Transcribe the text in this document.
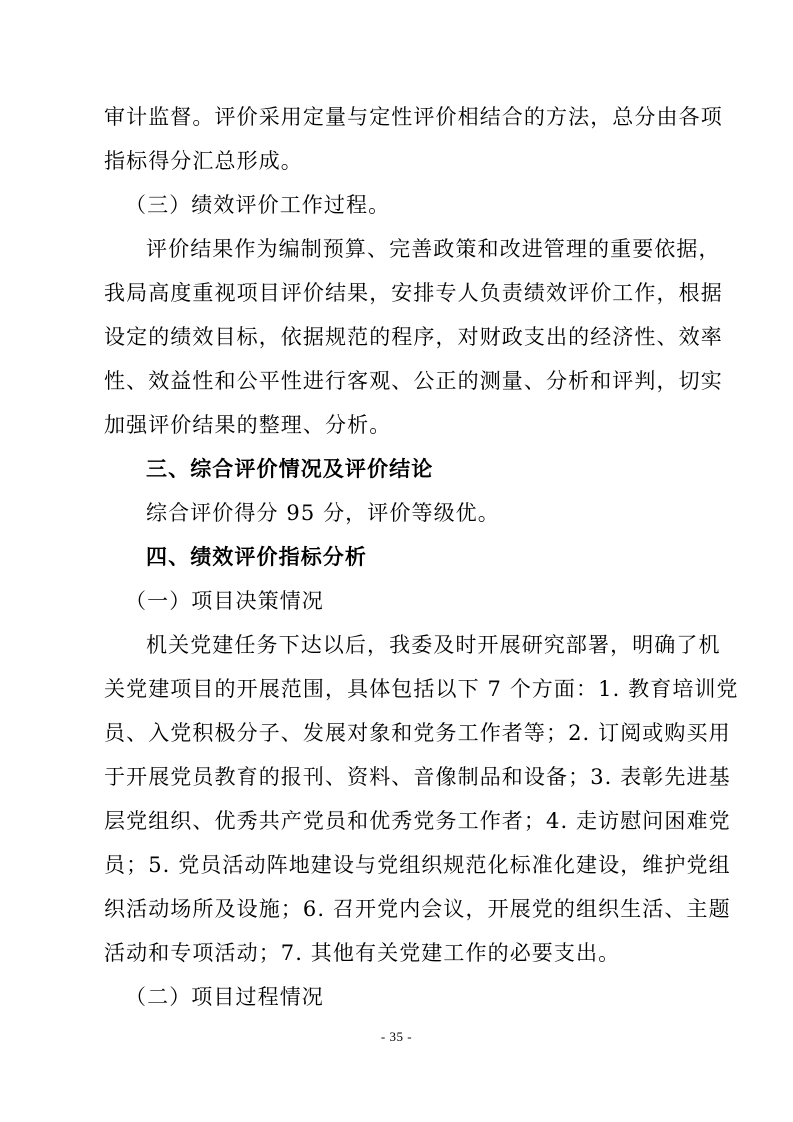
审计监督。评价采用定量与定性评价相结合的方法，总分由各项
指标得分汇总形成。
（三）绩效评价工作过程。
评价结果作为编制预算、完善政策和改进管理的重要依据，
我局高度重视项目评价结果，安排专人负责绩效评价工作，根据
设定的绩效目标，依据规范的程序，对财政支出的经济性、效率
性、效益性和公平性进行客观、公正的测量、分析和评判，切实
加强评价结果的整理、分析。
三、综合评价情况及评价结论
综合评价得分 95 分，评价等级优。
四、绩效评价指标分析
（一）项目决策情况
机关党建任务下达以后，我委及时开展研究部署，明确了机
关党建项目的开展范围，具体包括以下 7 个方面：1. 教育培训党
员、入党积极分子、发展对象和党务工作者等；2. 订阅或购买用
于开展党员教育的报刊、资料、音像制品和设备；3. 表彰先进基
层党组织、优秀共产党员和优秀党务工作者；4. 走访慰问困难党
员；5. 党员活动阵地建设与党组织规范化标准化建设，维护党组
织活动场所及设施；6. 召开党内会议，开展党的组织生活、主题
活动和专项活动；7. 其他有关党建工作的必要支出。
（二）项目过程情况
- 35 -
